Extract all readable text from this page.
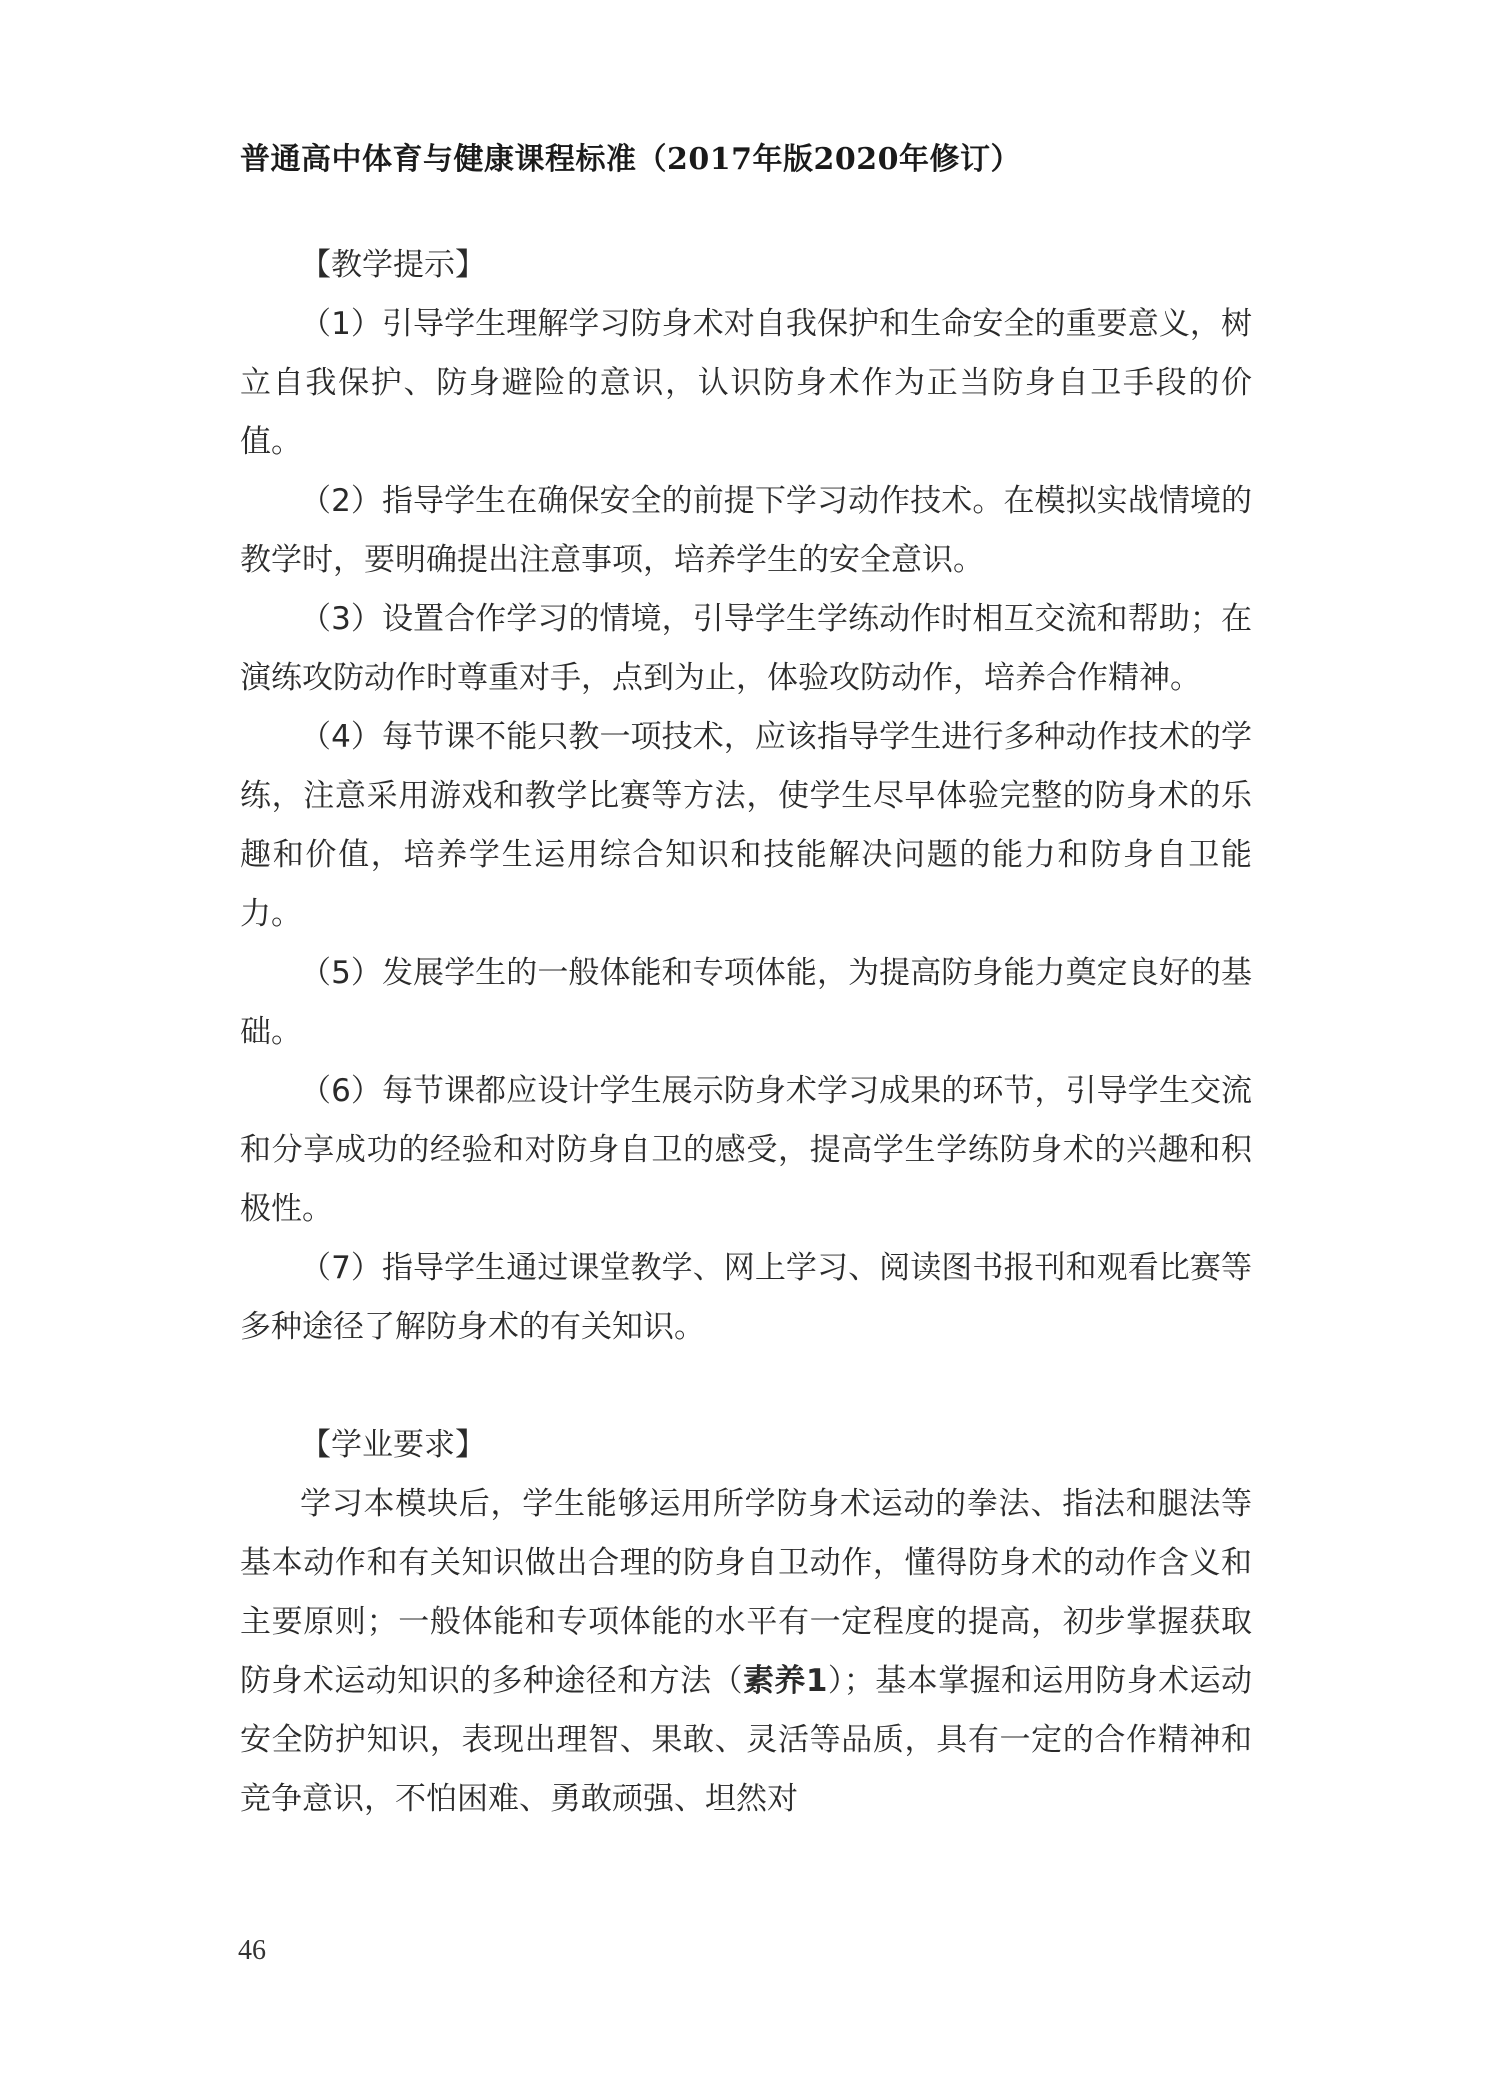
普通高中体育与健康课程标准（2017年版2020年修订）
【教学提示】

（1）引导学生理解学习防身术对自我保护和生命安全的重要意义，树立自我保护、防身避险的意识，认识防身术作为正当防身自卫手段的价值。

（2）指导学生在确保安全的前提下学习动作技术。在模拟实战情境的教学时，要明确提出注意事项，培养学生的安全意识。

（3）设置合作学习的情境，引导学生学练动作时相互交流和帮助；在演练攻防动作时尊重对手，点到为止，体验攻防动作，培养合作精神。

（4）每节课不能只教一项技术，应该指导学生进行多种动作技术的学练，注意采用游戏和教学比赛等方法，使学生尽早体验完整的防身术的乐趣和价值，培养学生运用综合知识和技能解决问题的能力和防身自卫能力。

（5）发展学生的一般体能和专项体能，为提高防身能力奠定良好的基础。

（6）每节课都应设计学生展示防身术学习成果的环节，引导学生交流和分享成功的经验和对防身自卫的感受，提高学生学练防身术的兴趣和积极性。

（7）指导学生通过课堂教学、网上学习、阅读图书报刊和观看比赛等多种途径了解防身术的有关知识。

【学业要求】

学习本模块后，学生能够运用所学防身术运动的拳法、指法和腿法等基本动作和有关知识做出合理的防身自卫动作，懂得防身术的动作含义和主要原则；一般体能和专项体能的水平有一定程度的提高，初步掌握获取防身术运动知识的多种途径和方法（素养1）；基本掌握和运用防身术运动安全防护知识，表现出理智、果敢、灵活等品质，具有一定的合作精神和竞争意识，不怕困难、勇敢顽强、坦然对

46
